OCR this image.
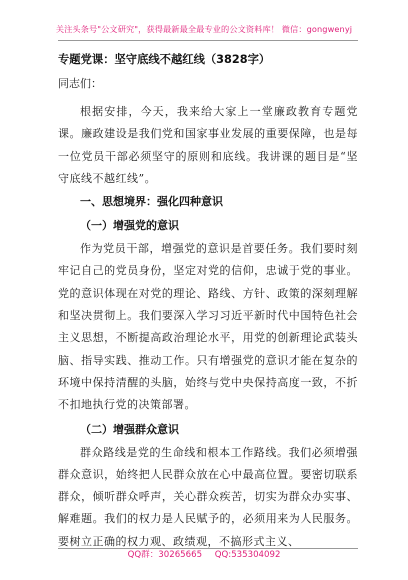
关注头条号"公文研究"，获得最新最全最专业的公文资料库！ 微信：gongwenyj
专题党课：坚守底线不越红线（3828字）
同志们：

根据安排，今天，我来给大家上一堂廉政教育专题党课。廉政建设是我们党和国家事业发展的重要保障，也是每一位党员干部必须坚守的原则和底线。我讲课的题目是“坚守底线不越红线”。

一、思想境界：强化四种意识
（一）增强党的意识

作为党员干部，增强党的意识是首要任务。我们要时刻牢记自己的党员身份，坚定对党的信仰，忠诚于党的事业。党的意识体现在对党的理论、路线、方针、政策的深刻理解和坚决贯彻上。我们要深入学习习近平新时代中国特色社会主义思想，不断提高政治理论水平，用党的创新理论武装头脑、指导实践、推动工作。只有增强党的意识才能在复杂的环境中保持清醒的头脑，始终与党中央保持高度一致，不折不扣地执行党的决策部署。

（二）增强群众意识

群众路线是党的生命线和根本工作路线。我们必须增强群众意识，始终把人民群众放在心中最高位置。要密切联系群众，倾听群众呼声，关心群众疾苦，切实为群众办实事、解难题。我们的权力是人民赋予的，必须用来为人民服务。要树立正确的权力观、政绩观，不搞形式主义、

QQ群：30265665 QQ:535304092
